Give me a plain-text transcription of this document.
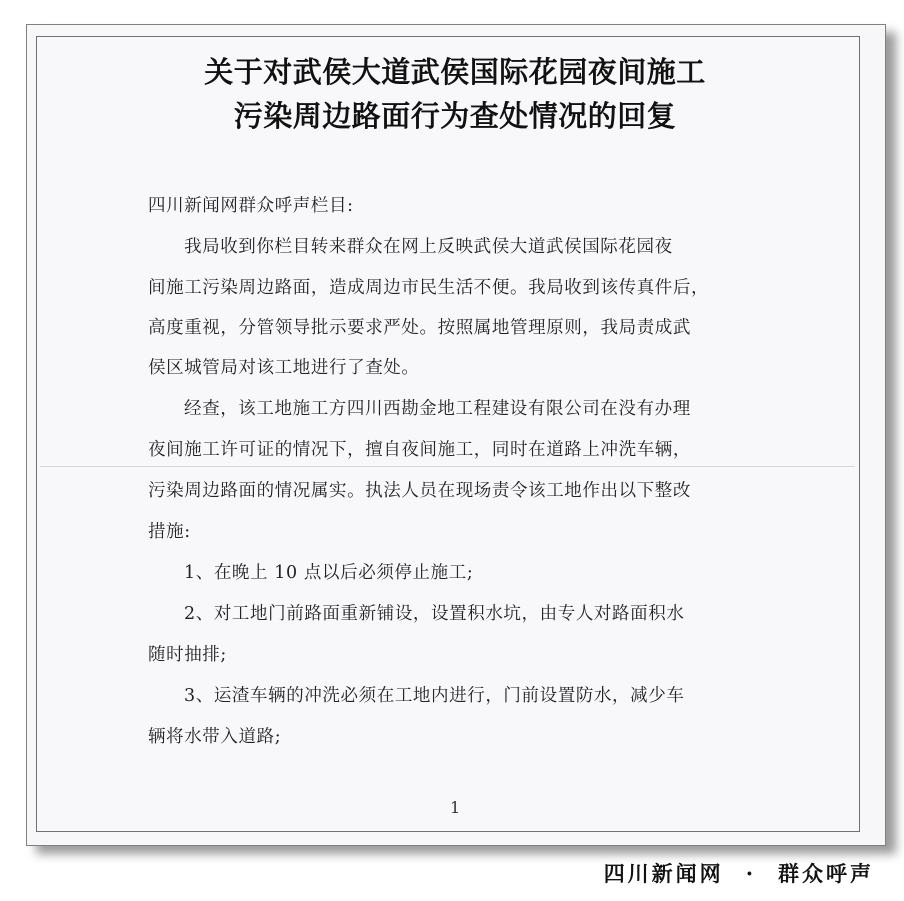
关于对武侯大道武侯国际花园夜间施工
污染周边路面行为查处情况的回复
四川新闻网群众呼声栏目:
我局收到你栏目转来群众在网上反映武侯大道武侯国际花园夜
间施工污染周边路面，造成周边市民生活不便。我局收到该传真件后，
高度重视，分管领导批示要求严处。按照属地管理原则，我局责成武
侯区城管局对该工地进行了查处。
经查，该工地施工方四川西勘金地工程建设有限公司在没有办理
夜间施工许可证的情况下，擅自夜间施工，同时在道路上冲洗车辆，
污染周边路面的情况属实。执法人员在现场责令该工地作出以下整改
措施:
1、在晚上 10 点以后必须停止施工;
2、对工地门前路面重新铺设，设置积水坑，由专人对路面积水
随时抽排;
3、运渣车辆的冲洗必须在工地内进行，门前设置防水，减少车
辆将水带入道路;
1
四川新闻网 · 群众呼声
